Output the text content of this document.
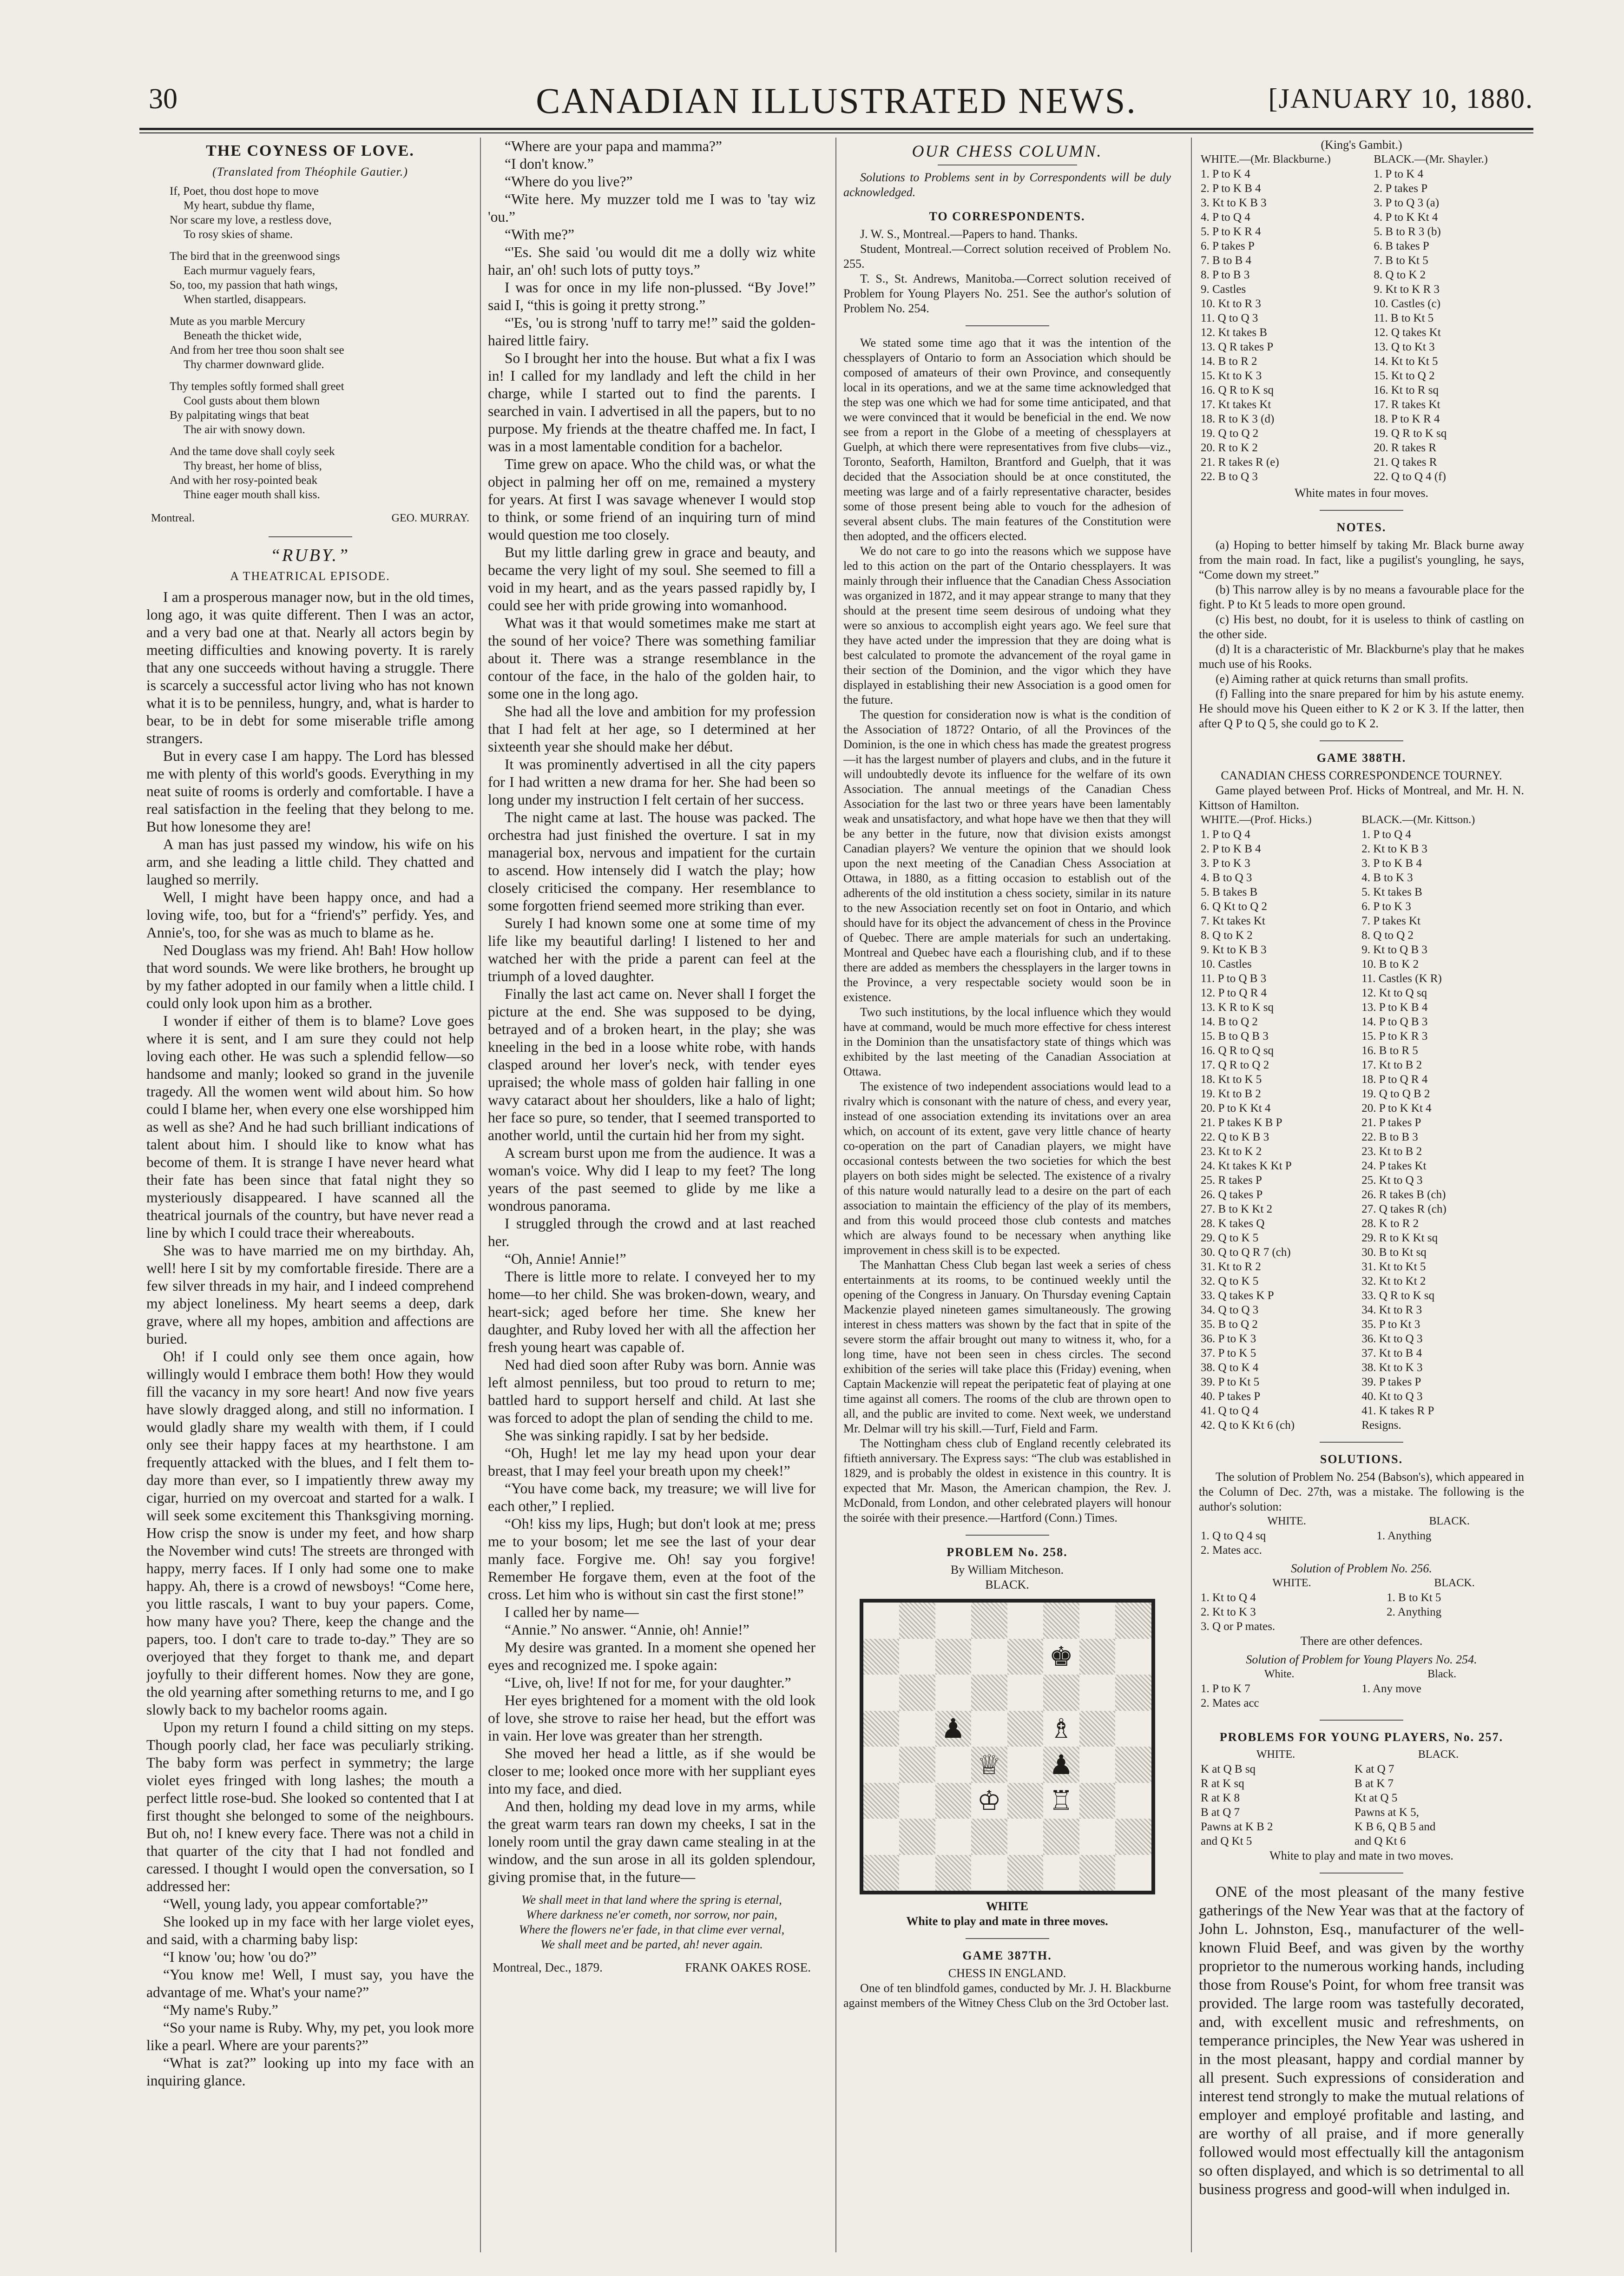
30	CANADIAN ILLUSTRATED NEWS.	[JANUARY 10, 1880.
THE COYNESS OF LOVE.
(Translated from Théophile Gautier.)
If, Poet, thou dost hope to move
My heart, subdue thy flame,
Nor scare my love, a restless dove,
To rosy skies of shame.
The bird that in the greenwood sings
Each murmur vaguely fears,
So, too, my passion that hath wings,
When startled, disappears.
Mute as you marble Mercury
Beneath the thicket wide,
And from her tree thou soon shalt see
Thy charmer downward glide.
Thy temples softly formed shall greet
Cool gusts about them blown
By palpitating wings that beat
The air with snowy down.
And the tame dove shall coyly seek
Thy breast, her home of bliss,
And with her rosy-pointed beak
Thine eager mouth shall kiss.
Montreal.	GEO. MURRAY.
“RUBY.”
A THEATRICAL EPISODE.

I am a prosperous manager now, but in the old times, long ago, it was quite different. Then I was an actor, and a very bad one at that. Nearly all actors begin by meeting difficulties and knowing poverty. It is rarely that any one succeeds without having a struggle. There is scarcely a successful actor living who has not known what it is to be penniless, hungry, and, what is harder to bear, to be in debt for some miserable trifle among strangers.

But in every case I am happy. The Lord has blessed me with plenty of this world's goods. Everything in my neat suite of rooms is orderly and comfortable. I have a real satisfaction in the feeling that they belong to me. But how lonesome they are!

A man has just passed my window, his wife on his arm, and she leading a little child. They chatted and laughed so merrily.

Well, I might have been happy once, and had a loving wife, too, but for a “friend's” perfidy. Yes, and Annie's, too, for she was as much to blame as he.

Ned Douglass was my friend. Ah! Bah! How hollow that word sounds. We were like brothers, he brought up by my father adopted in our family when a little child. I could only look upon him as a brother.

I wonder if either of them is to blame? Love goes where it is sent, and I am sure they could not help loving each other. He was such a splendid fellow—so handsome and manly; looked so grand in the juvenile tragedy. All the women went wild about him. So how could I blame her, when every one else worshipped him as well as she? And he had such brilliant indications of talent about him. I should like to know what has become of them. It is strange I have never heard what their fate has been since that fatal night they so mysteriously disappeared. I have scanned all the theatrical journals of the country, but have never read a line by which I could trace their whereabouts.

She was to have married me on my birthday. Ah, well! here I sit by my comfortable fireside. There are a few silver threads in my hair, and I indeed comprehend my abject loneliness. My heart seems a deep, dark grave, where all my hopes, ambition and affections are buried.

Oh! if I could only see them once again, how willingly would I embrace them both! How they would fill the vacancy in my sore heart! And now five years have slowly dragged along, and still no information. I would gladly share my wealth with them, if I could only see their happy faces at my hearthstone. I am frequently attacked with the blues, and I felt them to-day more than ever, so I impatiently threw away my cigar, hurried on my overcoat and started for a walk. I will seek some excitement this Thanksgiving morning. How crisp the snow is under my feet, and how sharp the November wind cuts! The streets are thronged with happy, merry faces. If I only had some one to make happy. Ah, there is a crowd of newsboys! “Come here, you little rascals, I want to buy your papers. Come, how many have you? There, keep the change and the papers, too. I don't care to trade to-day.” They are so overjoyed that they forget to thank me, and depart joyfully to their different homes. Now they are gone, the old yearning after something returns to me, and I go slowly back to my bachelor rooms again.

Upon my return I found a child sitting on my steps. Though poorly clad, her face was peculiarly striking. The baby form was perfect in symmetry; the large violet eyes fringed with long lashes; the mouth a perfect little rose-bud. She looked so contented that I at first thought she belonged to some of the neighbours. But oh, no! I knew every face. There was not a child in that quarter of the city that I had not fondled and caressed. I thought I would open the conversation, so I addressed her:

“Well, young lady, you appear comfortable?”

She looked up in my face with her large violet eyes, and said, with a charming baby lisp:

“I know 'ou; how 'ou do?”

“You know me! Well, I must say, you have the advantage of me. What's your name?”

“My name's Ruby.”

“So your name is Ruby. Why, my pet, you look more like a pearl. Where are your parents?”

“What is zat?” looking up into my face with an inquiring glance.

“Where are your papa and mamma?”

“I don't know.”

“Where do you live?”

“Wite here. My muzzer told me I was to 'tay wiz 'ou.”

“With me?”

“'Es. She said 'ou would dit me a dolly wiz white hair, an' oh! such lots of putty toys.”

I was for once in my life non-plussed. “By Jove!” said I, “this is going it pretty strong.”

“'Es, 'ou is strong 'nuff to tarry me!” said the golden-haired little fairy.

So I brought her into the house. But what a fix I was in! I called for my landlady and left the child in her charge, while I started out to find the parents. I searched in vain. I advertised in all the papers, but to no purpose. My friends at the theatre chaffed me. In fact, I was in a most lamentable condition for a bachelor.

Time grew on apace. Who the child was, or what the object in palming her off on me, remained a mystery for years. At first I was savage whenever I would stop to think, or some friend of an inquiring turn of mind would question me too closely.

But my little darling grew in grace and beauty, and became the very light of my soul. She seemed to fill a void in my heart, and as the years passed rapidly by, I could see her with pride growing into womanhood.

What was it that would sometimes make me start at the sound of her voice? There was something familiar about it. There was a strange resemblance in the contour of the face, in the halo of the golden hair, to some one in the long ago.

She had all the love and ambition for my profession that I had felt at her age, so I determined at her sixteenth year she should make her début.

It was prominently advertised in all the city papers for I had written a new drama for her. She had been so long under my instruction I felt certain of her success.

The night came at last. The house was packed. The orchestra had just finished the overture. I sat in my managerial box, nervous and impatient for the curtain to ascend. How intensely did I watch the play; how closely criticised the company. Her resemblance to some forgotten friend seemed more striking than ever.

Surely I had known some one at some time of my life like my beautiful darling! I listened to her and watched her with the pride a parent can feel at the triumph of a loved daughter.

Finally the last act came on. Never shall I forget the picture at the end. She was supposed to be dying, betrayed and of a broken heart, in the play; she was kneeling in the bed in a loose white robe, with hands clasped around her lover's neck, with tender eyes upraised; the whole mass of golden hair falling in one wavy cataract about her shoulders, like a halo of light; her face so pure, so tender, that I seemed transported to another world, until the curtain hid her from my sight.

A scream burst upon me from the audience. It was a woman's voice. Why did I leap to my feet? The long years of the past seemed to glide by me like a wondrous panorama.

I struggled through the crowd and at last reached her.

“Oh, Annie! Annie!”

There is little more to relate. I conveyed her to my home—to her child. She was broken-down, weary, and heart-sick; aged before her time. She knew her daughter, and Ruby loved her with all the affection her fresh young heart was capable of.

Ned had died soon after Ruby was born. Annie was left almost penniless, but too proud to return to me; battled hard to support herself and child. At last she was forced to adopt the plan of sending the child to me.

She was sinking rapidly. I sat by her bedside.

“Oh, Hugh! let me lay my head upon your dear breast, that I may feel your breath upon my cheek!”

“You have come back, my treasure; we will live for each other,” I replied.

“Oh! kiss my lips, Hugh; but don't look at me; press me to your bosom; let me see the last of your dear manly face. Forgive me. Oh! say you forgive! Remember He forgave them, even at the foot of the cross. Let him who is without sin cast the first stone!”

I called her by name—

“Annie.” No answer. “Annie, oh! Annie!”

My desire was granted. In a moment she opened her eyes and recognized me. I spoke again:

“Live, oh, live! If not for me, for your daughter.”

Her eyes brightened for a moment with the old look of love, she strove to raise her head, but the effort was in vain. Her love was greater than her strength.

She moved her head a little, as if she would be closer to me; looked once more with her suppliant eyes into my face, and died.

And then, holding my dead love in my arms, while the great warm tears ran down my cheeks, I sat in the lonely room until the gray dawn came stealing in at the window, and the sun arose in all its golden splendour, giving promise that, in the future—

We shall meet in that land where the spring is eternal,
Where darkness ne'er cometh, nor sorrow, nor pain,
Where the flowers ne'er fade, in that clime ever vernal,
We shall meet and be parted, ah! never again.
Montreal, Dec., 1879.	FRANK OAKES ROSE.
OUR CHESS COLUMN.

Solutions to Problems sent in by Correspondents will be duly acknowledged.

TO CORRESPONDENTS.

J. W. S., Montreal.—Papers to hand. Thanks.

Student, Montreal.—Correct solution received of Problem No. 255.

T. S., St. Andrews, Manitoba.—Correct solution received of Problem for Young Players No. 251. See the author's solution of Problem No. 254.

We stated some time ago that it was the intention of the chessplayers of Ontario to form an Association which should be composed of amateurs of their own Province, and consequently local in its operations, and we at the same time acknowledged that the step was one which we had for some time anticipated, and that we were convinced that it would be beneficial in the end. We now see from a report in the Globe of a meeting of chessplayers at Guelph, at which there were representatives from five clubs—viz., Toronto, Seaforth, Hamilton, Brantford and Guelph, that it was decided that the Association should be at once constituted, the meeting was large and of a fairly representative character, besides some of those present being able to vouch for the adhesion of several absent clubs. The main features of the Constitution were then adopted, and the officers elected.

We do not care to go into the reasons which we suppose have led to this action on the part of the Ontario chessplayers. It was mainly through their influence that the Canadian Chess Association was organized in 1872, and it may appear strange to many that they should at the present time seem desirous of undoing what they were so anxious to accomplish eight years ago. We feel sure that they have acted under the impression that they are doing what is best calculated to promote the advancement of the royal game in their section of the Dominion, and the vigor which they have displayed in establishing their new Association is a good omen for the future.

The question for consideration now is what is the condition of the Association of 1872? Ontario, of all the Provinces of the Dominion, is the one in which chess has made the greatest progress—it has the largest number of players and clubs, and in the future it will undoubtedly devote its influence for the welfare of its own Association. The annual meetings of the Canadian Chess Association for the last two or three years have been lamentably weak and unsatisfactory, and what hope have we then that they will be any better in the future, now that division exists amongst Canadian players? We venture the opinion that we should look upon the next meeting of the Canadian Chess Association at Ottawa, in 1880, as a fitting occasion to establish out of the adherents of the old institution a chess society, similar in its nature to the new Association recently set on foot in Ontario, and which should have for its object the advancement of chess in the Province of Quebec. There are ample materials for such an undertaking. Montreal and Quebec have each a flourishing club, and if to these there are added as members the chessplayers in the larger towns in the Province, a very respectable society would soon be in existence.

Two such institutions, by the local influence which they would have at command, would be much more effective for chess interest in the Dominion than the unsatisfactory state of things which was exhibited by the last meeting of the Canadian Association at Ottawa.

The existence of two independent associations would lead to a rivalry which is consonant with the nature of chess, and every year, instead of one association extending its invitations over an area which, on account of its extent, gave very little chance of hearty co-operation on the part of Canadian players, we might have occasional contests between the two societies for which the best players on both sides might be selected. The existence of a rivalry of this nature would naturally lead to a desire on the part of each association to maintain the efficiency of the play of its members, and from this would proceed those club contests and matches which are always found to be necessary when anything like improvement in chess skill is to be expected.

The Manhattan Chess Club began last week a series of chess entertainments at its rooms, to be continued weekly until the opening of the Congress in January. On Thursday evening Captain Mackenzie played nineteen games simultaneously. The growing interest in chess matters was shown by the fact that in spite of the severe storm the affair brought out many to witness it, who, for a long time, have not been seen in chess circles. The second exhibition of the series will take place this (Friday) evening, when Captain Mackenzie will repeat the peripatetic feat of playing at one time against all comers. The rooms of the club are thrown open to all, and the public are invited to come. Next week, we understand Mr. Delmar will try his skill.—Turf, Field and Farm.

The Nottingham chess club of England recently celebrated its fiftieth anniversary. The Express says: “The club was established in 1829, and is probably the oldest in existence in this country. It is expected that Mr. Mason, the American champion, the Rev. J. McDonald, from London, and other celebrated players will honour the soirée with their presence.—Hartford (Conn.) Times.

PROBLEM No. 258.
By William Mitcheson.
BLACK.
♚
♟	♗
♕ ♟
♔ ♖
WHITE
White to play and mate in three moves.
GAME 387TH.
CHESS IN ENGLAND.

One of ten blindfold games, conducted by Mr. J. H. Blackburne against members of the Witney Chess Club on the 3rd October last.

(King's Gambit.)
WHITE.—(Mr. Blackburne.)	BLACK.—(Mr. Shayler.)
1. P to K 4	1. P to K 4
2. P to K B 4	2. P takes P
3. Kt to K B 3	3. P to Q 3 (a)
4. P to Q 4	4. P to K Kt 4
5. P to K R 4	5. B to R 3 (b)
6. P takes P	6. B takes P
7. B to B 4	7. B to Kt 5
8. P to B 3	8. Q to K 2
9. Castles	9. Kt to K R 3
10. Kt to R 3	10. Castles (c)
11. Q to Q 3	11. B to Kt 5
12. Kt takes B	12. Q takes Kt
13. Q R takes P	13. Q to Kt 3
14. B to R 2	14. Kt to Kt 5
15. Kt to K 3	15. Kt to Q 2
16. Q R to K sq	16. Kt to R sq
17. Kt takes Kt	17. R takes Kt
18. R to K 3 (d)	18. P to K R 4
19. Q to Q 2	19. Q R to K sq
20. R to K 2	20. R takes R
21. R takes R (e)	21. Q takes R
22. B to Q 3	22. Q to Q 4 (f)
White mates in four moves.
NOTES.

(a) Hoping to better himself by taking Mr. Black burne away from the main road. In fact, like a pugilist's youngling, he says, “Come down my street.”

(b) This narrow alley is by no means a favourable place for the fight. P to Kt 5 leads to more open ground.

(c) His best, no doubt, for it is useless to think of castling on the other side.

(d) It is a characteristic of Mr. Blackburne's play that he makes much use of his Rooks.

(e) Aiming rather at quick returns than small profits.

(f) Falling into the snare prepared for him by his astute enemy. He should move his Queen either to K 2 or K 3. If the latter, then after Q P to Q 5, she could go to K 2.

GAME 388TH.
CANADIAN CHESS CORRESPONDENCE TOURNEY.

Game played between Prof. Hicks of Montreal, and Mr. H. N. Kittson of Hamilton.

WHITE.—(Prof. Hicks.)	BLACK.—(Mr. Kittson.)
1. P to Q 4	1. P to Q 4
2. P to K B 4	2. Kt to K B 3
3. P to K 3	3. P to K B 4
4. B to Q 3	4. B to K 3
5. B takes B	5. Kt takes B
6. Q Kt to Q 2	6. P to K 3
7. Kt takes Kt	7. P takes Kt
8. Q to K 2	8. Q to Q 2
9. Kt to K B 3	9. Kt to Q B 3
10. Castles	10. B to K 2
11. P to Q B 3	11. Castles (K R)
12. P to Q R 4	12. Kt to Q sq
13. K R to K sq	13. P to K B 4
14. B to Q 2	14. P to Q B 3
15. B to Q B 3	15. P to K R 3
16. Q R to Q sq	16. B to R 5
17. Q R to Q 2	17. Kt to B 2
18. Kt to K 5	18. P to Q R 4
19. Kt to B 2	19. Q to Q B 2
20. P to K Kt 4	20. P to K Kt 4
21. P takes K B P	21. P takes P
22. Q to K B 3	22. B to B 3
23. Kt to K 2	23. Kt to B 2
24. Kt takes K Kt P	24. P takes Kt
25. R takes P	25. Kt to Q 3
26. Q takes P	26. R takes B (ch)
27. B to K Kt 2	27. Q takes R (ch)
28. K takes Q	28. K to R 2
29. Q to K 5	29. R to K Kt sq
30. Q to Q R 7 (ch)	30. B to Kt sq
31. Kt to R 2	31. Kt to Kt 5
32. Q to K 5	32. Kt to Kt 2
33. Q takes K P	33. Q R to K sq
34. Q to Q 3	34. Kt to R 3
35. B to Q 2	35. P to Kt 3
36. P to K 3	36. Kt to Q 3
37. P to K 5	37. Kt to B 4
38. Q to K 4	38. Kt to K 3
39. P to Kt 5	39. P takes P
40. P takes P	40. Kt to Q 3
41. Q to Q 4	41. K takes R P
42. Q to K Kt 6 (ch)	Resigns.
SOLUTIONS.

The solution of Problem No. 254 (Babson's), which appeared in the Column of Dec. 27th, was a mistake. The following is the author's solution:

WHITE.	BLACK.
1. Q to Q 4 sq	1. Anything
2. Mates acc.	
Solution of Problem No. 256.
WHITE.	BLACK.
1. Kt to Q 4	1. B to Kt 5
2. Kt to K 3	2. Anything
3. Q or P mates.	
There are other defences.
Solution of Problem for Young Players No. 254.
White.	Black.
1. P to K 7	1. Any move
2. Mates acc	
PROBLEMS FOR YOUNG PLAYERS, No. 257.
WHITE.	BLACK.
K at Q B sq	K at Q 7
R at K sq	B at K 7
R at K 8	Kt at Q 5
B at Q 7	Pawns at K 5,
Pawns at K B 2	K B 6, Q B 5 and
and Q Kt 5	and Q Kt 6
White to play and mate in two moves.

ONE of the most pleasant of the many festive gatherings of the New Year was that at the factory of John L. Johnston, Esq., manufacturer of the well-known Fluid Beef, and was given by the worthy proprietor to the numerous working hands, including those from Rouse's Point, for whom free transit was provided. The large room was tastefully decorated, and, with excellent music and refreshments, on temperance principles, the New Year was ushered in in the most pleasant, happy and cordial manner by all present. Such expressions of consideration and interest tend strongly to make the mutual relations of employer and employé profitable and lasting, and are worthy of all praise, and if more generally followed would most effectually kill the antagonism so often displayed, and which is so detrimental to all business progress and good-will when indulged in.
